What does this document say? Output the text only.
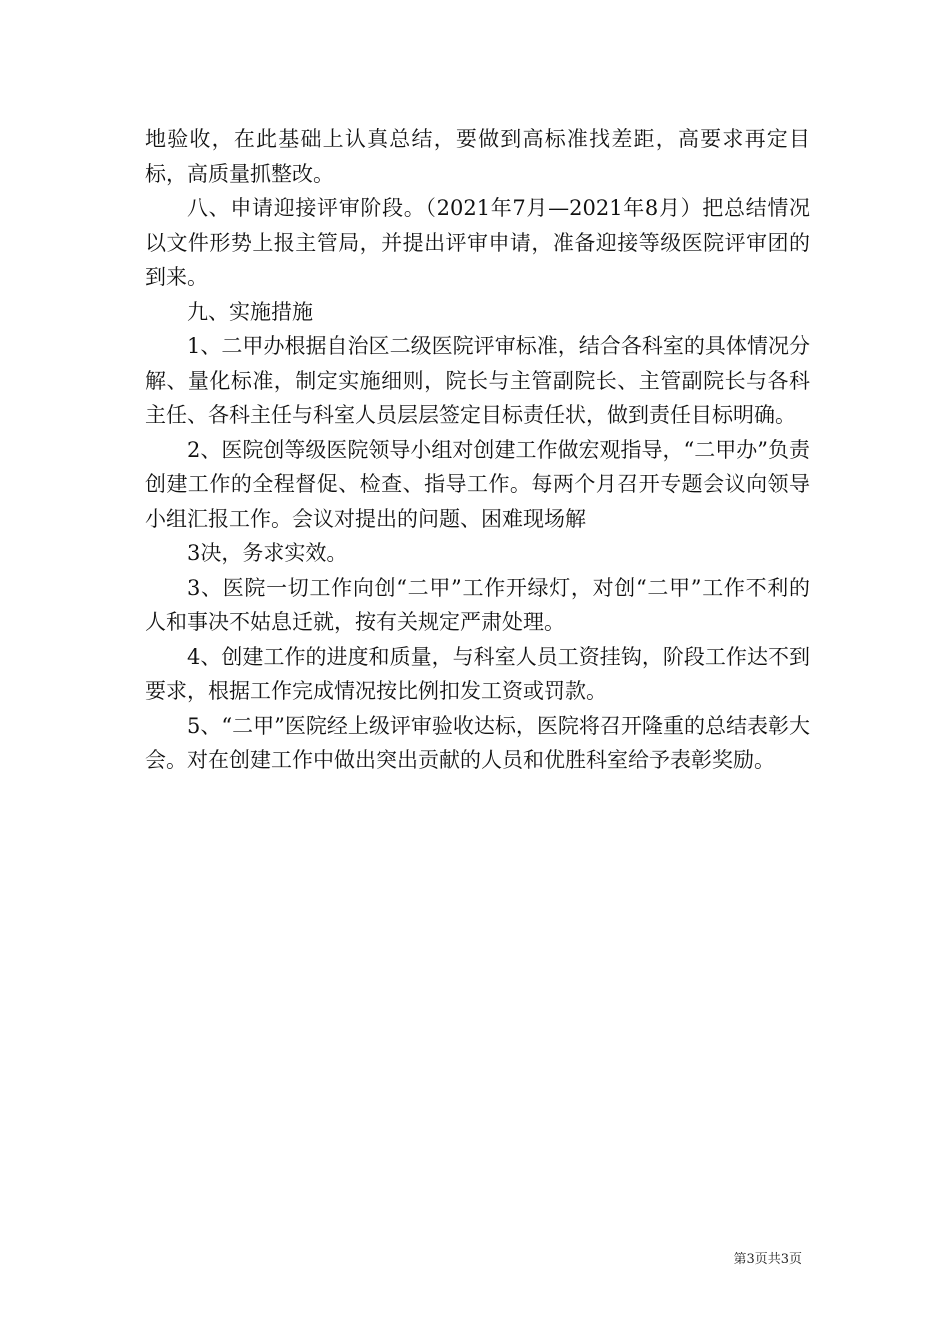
地验收，在此基础上认真总结，要做到高标准找差距，高要求再定目标，高质量抓整改。

八、申请迎接评审阶段。（2021年7月—2021年8月）把总结情况以文件形势上报主管局，并提出评审申请，准备迎接等级医院评审团的到来。

九、实施措施

1、二甲办根据自治区二级医院评审标准，结合各科室的具体情况分解、量化标准，制定实施细则，院长与主管副院长、主管副院长与各科主任、各科主任与科室人员层层签定目标责任状，做到责任目标明确。

2、医院创等级医院领导小组对创建工作做宏观指导，“二甲办”负责创建工作的全程督促、检查、指导工作。每两个月召开专题会议向领导小组汇报工作。会议对提出的问题、困难现场解

3决，务求实效。

3、医院一切工作向创“二甲”工作开绿灯，对创“二甲”工作不利的人和事决不姑息迁就，按有关规定严肃处理。

4、创建工作的进度和质量，与科室人员工资挂钩，阶段工作达不到要求，根据工作完成情况按比例扣发工资或罚款。

5、“二甲”医院经上级评审验收达标，医院将召开隆重的总结表彰大会。对在创建工作中做出突出贡献的人员和优胜科室给予表彰奖励。

第3页共3页
